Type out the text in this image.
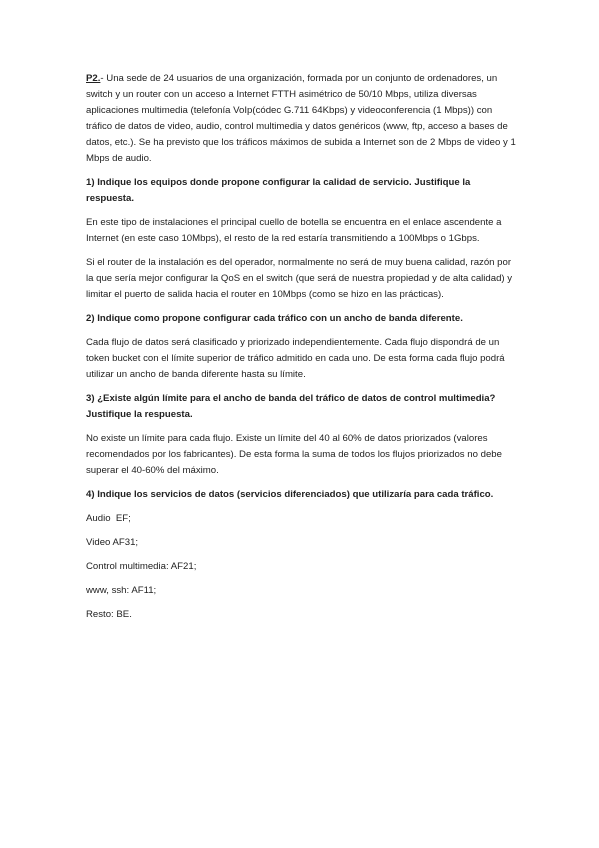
P2.- Una sede de 24 usuarios de una organización, formada por un conjunto de ordenadores, un switch y un router con un acceso a Internet FTTH asimétrico de 50/10 Mbps, utiliza diversas aplicaciones multimedia (telefonía VoIp(códec G.711 64Kbps) y videoconferencia (1 Mbps)) con tráfico de datos de video, audio, control multimedia y datos genéricos (www, ftp, acceso a bases de datos, etc.). Se ha previsto que los tráficos máximos de subida a Internet son de 2 Mbps de video y 1 Mbps de audio.

1) Indique los equipos donde propone configurar la calidad de servicio. Justifique la respuesta.

En este tipo de instalaciones el principal cuello de botella se encuentra en el enlace ascendente a Internet (en este caso 10Mbps), el resto de la red estaría transmitiendo a 100Mbps o 1Gbps.

Si el router de la instalación es del operador, normalmente no será de muy buena calidad, razón por la que sería mejor configurar la QoS en el switch (que será de nuestra propiedad y de alta calidad) y limitar el puerto de salida hacia el router en 10Mbps (como se hizo en las prácticas).

2) Indique como propone configurar cada tráfico con un ancho de banda diferente.

Cada flujo de datos será clasificado y priorizado independientemente. Cada flujo dispondrá de un token bucket con el límite superior de tráfico admitido en cada uno. De esta forma cada flujo podrá utilizar un ancho de banda diferente hasta su límite.

3) ¿Existe algún límite para el ancho de banda del tráfico de datos de control multimedia? Justifique la respuesta.

No existe un límite para cada flujo. Existe un límite del 40 al 60% de datos priorizados (valores recomendados por los fabricantes). De esta forma la suma de todos los flujos priorizados no debe superar el 40-60% del máximo.

4) Indique los servicios de datos (servicios diferenciados) que utilizaría para cada tráfico.

Audio  EF;

Video AF31;

Control multimedia: AF21;

www, ssh: AF11;

Resto: BE.
